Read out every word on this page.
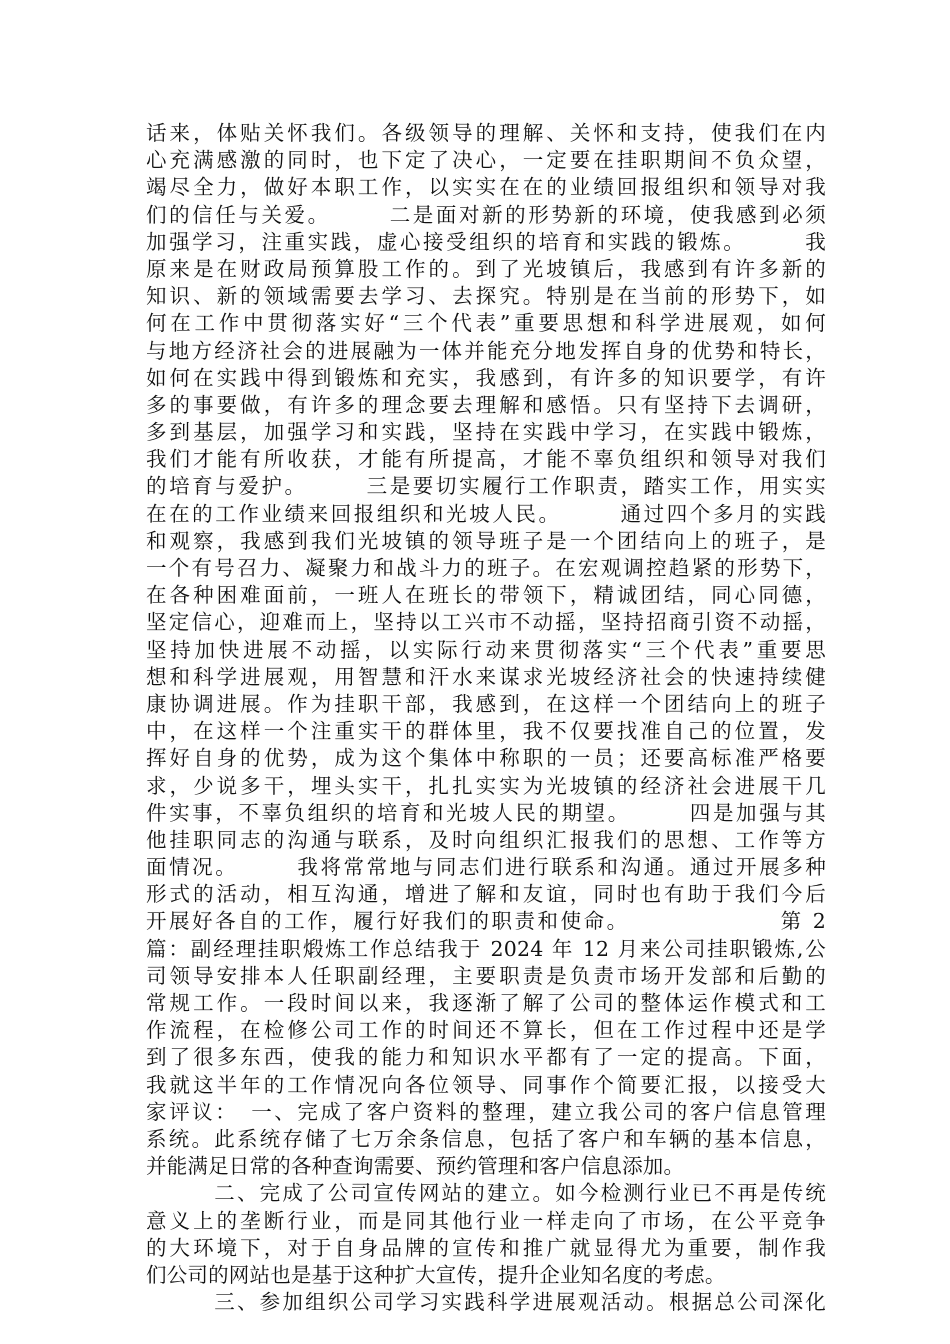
话来，体贴关怀我们。各级领导的理解、关怀和支持，使我们在内
心充满感激的同时，也下定了决心，一定要在挂职期间不负众望，
竭尽全力，做好本职工作，以实实在在的业绩回报组织和领导对我
们的信任与关爱。　　　二是面对新的形势新的环境，使我感到必须
加强学习，注重实践，虚心接受组织的培育和实践的锻炼。　　　我
原来是在财政局预算股工作的。到了光坡镇后，我感到有许多新的
知识、新的领域需要去学习、去探究。特别是在当前的形势下，如
何在工作中贯彻落实好“三个代表”重要思想和科学进展观，如何
与地方经济社会的进展融为一体并能充分地发挥自身的优势和特长，
如何在实践中得到锻炼和充实，我感到，有许多的知识要学，有许
多的事要做，有许多的理念要去理解和感悟。只有坚持下去调研，
多到基层，加强学习和实践，坚持在实践中学习，在实践中锻炼，
我们才能有所收获，才能有所提高，才能不辜负组织和领导对我们
的培育与爱护。　　　三是要切实履行工作职责，踏实工作，用实实
在在的工作业绩来回报组织和光坡人民。　　　通过四个多月的实践
和观察，我感到我们光坡镇的领导班子是一个团结向上的班子，是
一个有号召力、凝聚力和战斗力的班子。在宏观调控趋紧的形势下，
在各种困难面前，一班人在班长的带领下，精诚团结，同心同德，
坚定信心，迎难而上，坚持以工兴市不动摇，坚持招商引资不动摇，
坚持加快进展不动摇，以实际行动来贯彻落实“三个代表”重要思
想和科学进展观，用智慧和汗水来谋求光坡经济社会的快速持续健
康协调进展。作为挂职干部，我感到，在这样一个团结向上的班子
中，在这样一个注重实干的群体里，我不仅要找准自己的位置，发
挥好自身的优势，成为这个集体中称职的一员；还要高标准严格要
求，少说多干，埋头实干，扎扎实实为光坡镇的经济社会进展干几
件实事，不辜负组织的培育和光坡人民的期望。　　　四是加强与其
他挂职同志的沟通与联系，及时向组织汇报我们的思想、工作等方
面情况。　　　我将常常地与同志们进行联系和沟通。通过开展多种
形式的活动，相互沟通，增进了解和友谊，同时也有助于我们今后
开展好各自的工作，履行好我们的职责和使命。　　　　　　　第 2
篇：副经理挂职煅炼工作总结我于 2024 年 12 月来公司挂职锻炼,公
司领导安排本人任职副经理，主要职责是负责市场开发部和后勤的
常规工作。一段时间以来，我逐渐了解了公司的整体运作模式和工
作流程，在检修公司工作的时间还不算长，但在工作过程中还是学
到了很多东西，使我的能力和知识水平都有了一定的提高。下面，
我就这半年的工作情况向各位领导、同事作个简要汇报，以接受大
家评议：　一、完成了客户资料的整理，建立我公司的客户信息管理
系统。此系统存储了七万余条信息，包括了客户和车辆的基本信息，
并能满足日常的各种查询需要、预约管理和客户信息添加。
　　　二、完成了公司宣传网站的建立。如今检测行业已不再是传统
意义上的垄断行业，而是同其他行业一样走向了市场，在公平竞争
的大环境下，对于自身品牌的宣传和推广就显得尤为重要，制作我
们公司的网站也是基于这种扩大宣传，提升企业知名度的考虑。
　　　三、参加组织公司学习实践科学进展观活动。根据总公司深化
